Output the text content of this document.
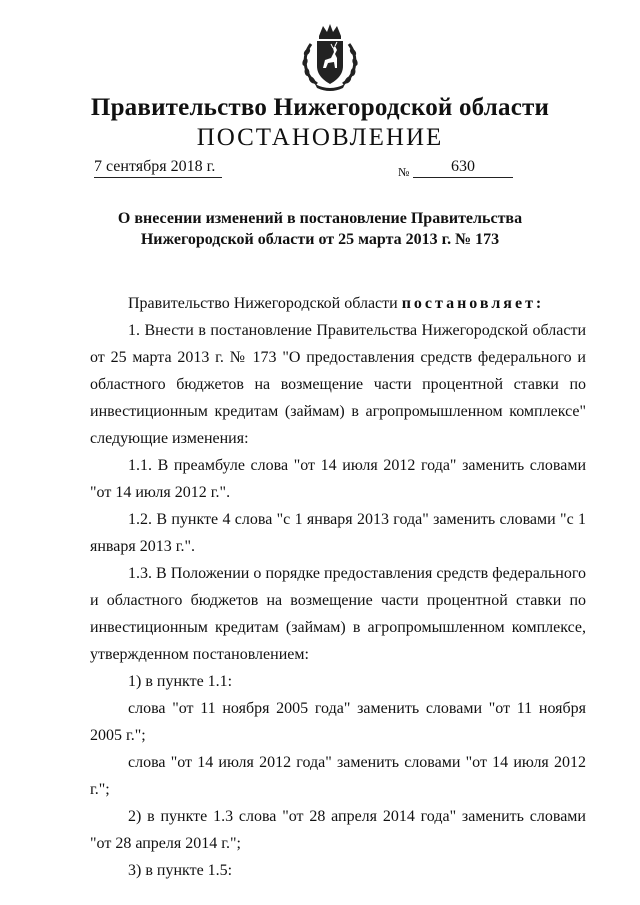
Правительство Нижегородской области
ПОСТАНОВЛЕНИЕ
7 сентября 2018 г.	№	630
О внесении изменений в постановление Правительства
Нижегородской области от 25 марта 2013 г. № 173

Правительство Нижегородской области постановляет:

1. Внести в постановление Правительства Нижегородской области от 25 марта 2013 г. № 173 "О предоставления средств федерального и областного бюджетов на возмещение части процентной ставки по инвестиционным кредитам (займам) в агропромышленном комплексе" следующие изменения:

1.1. В преамбуле слова "от 14 июля 2012 года" заменить словами "от 14 июля 2012 г.".

1.2. В пункте 4 слова "с 1 января 2013 года" заменить словами "с 1 января 2013 г.".

1.3. В Положении о порядке предоставления средств федерального и областного бюджетов на возмещение части процентной ставки по инвестиционным кредитам (займам) в агропромышленном комплексе, утвержденном постановлением:

1) в пункте 1.1:

слова "от 11 ноября 2005 года" заменить словами "от 11 ноября 2005 г.";

слова "от 14 июля 2012 года" заменить словами "от 14 июля 2012 г.";

2) в пункте 1.3 слова "от 28 апреля 2014 года" заменить словами "от 28 апреля 2014 г.";

3) в пункте 1.5:
